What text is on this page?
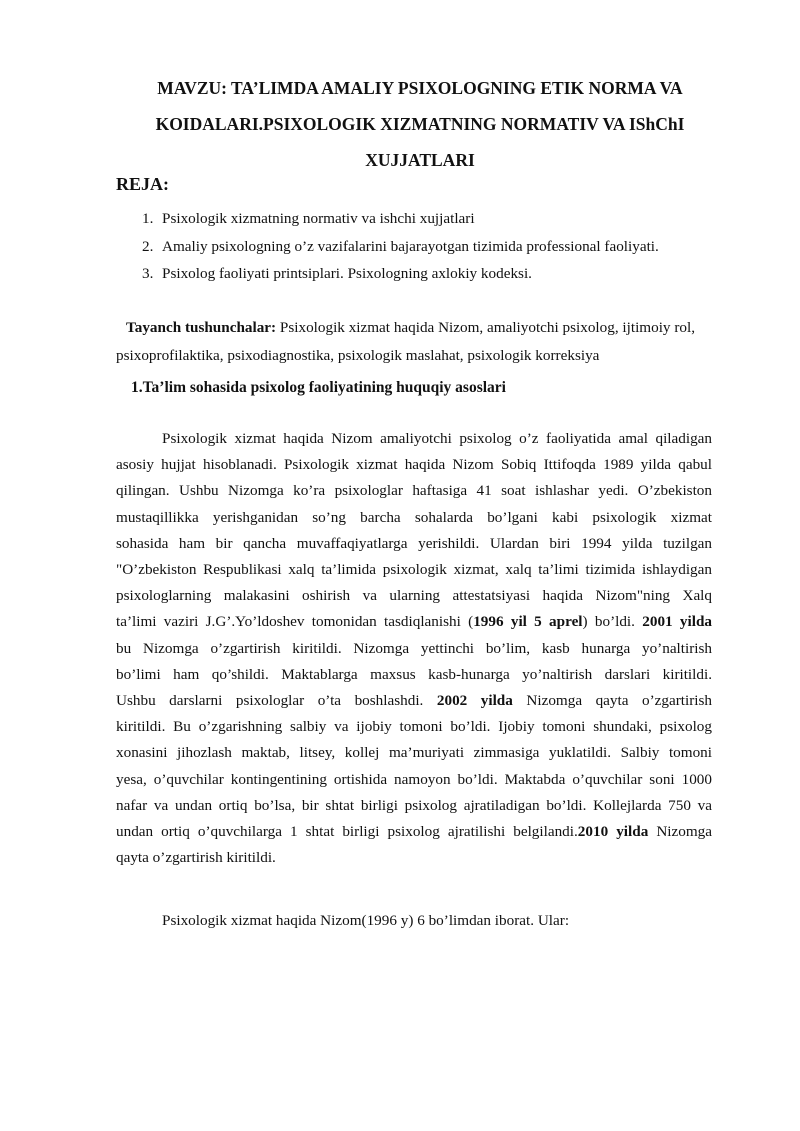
MAVZU: TA’LIMDA AMALIY PSIXOLOGNING ETIK NORMA VA
KOIDALARI.PSIXOLOGIK XIZMATNING NORMATIV VA IShChI
XUJJATLARI
REJA:
1. Psixologik xizmatning normativ va ishchi xujjatlari
2. Amaliy psixologning o’z vazifalarini bajarayotgan tizimida professional faoliyati.
3. Psixolog faoliyati printsiplari. Psixologning axlokiy kodeksi.
Tayanch tushunchalar: Psixologik xizmat haqida Nizom, amaliyotchi psixolog, ijtimoiy rol,
psixoprofilaktika, psixodiagnostika, psixologik maslahat, psixologik korreksiya
1.Ta’lim sohasida psixolog faoliyatining huquqiy asoslari
Psixologik xizmat haqida Nizom amaliyotchi psixolog o’z faoliyatida amal qiladigan
asosiy hujjat hisoblanadi. Psixologik xizmat haqida Nizom Sobiq Ittifoqda 1989 yilda qabul
qilingan. Ushbu Nizomga ko’ra psixologlar haftasiga 41 soat ishlashar yedi. O’zbekiston
mustaqillikka yerishganidan so’ng barcha sohalarda bo’lgani kabi psixologik xizmat
sohasida ham bir qancha muvaffaqiyatlarga yerishildi. Ulardan biri 1994 yilda tuzilgan
"O’zbekiston Respublikasi xalq ta’limida psixologik xizmat, xalq ta’limi tizimida ishlaydigan
psixologlarning malakasini oshirish va ularning attestatsiyasi haqida Nizom"ning Xalq
ta’limi vaziri J.G’.Yo’ldoshev tomonidan tasdiqlanishi (1996 yil 5 aprel) bo’ldi. 2001 yilda
bu Nizomga o’zgartirish kiritildi. Nizomga yettinchi bo’lim, kasb hunarga yo’naltirish
bo’limi ham qo’shildi. Maktablarga maxsus kasb-hunarga yo’naltirish darslari kiritildi.
Ushbu darslarni psixologlar o’ta boshlashdi. 2002 yilda Nizomga qayta o’zgartirish
kiritildi. Bu o’zgarishning salbiy va ijobiy tomoni bo’ldi. Ijobiy tomoni shundaki, psixolog
xonasini jihozlash maktab, litsey, kollej ma’muriyati zimmasiga yuklatildi. Salbiy tomoni
yesa, o’quvchilar kontingentining ortishida namoyon bo’ldi. Maktabda o’quvchilar soni 1000
nafar va undan ortiq bo’lsa, bir shtat birligi psixolog ajratiladigan bo’ldi. Kollejlarda 750 va
undan ortiq o’quvchilarga 1 shtat birligi psixolog ajratilishi belgilandi.2010 yilda Nizomga
qayta o’zgartirish kiritildi.
Psixologik xizmat haqida Nizom(1996 y) 6 bo’limdan iborat. Ular:
